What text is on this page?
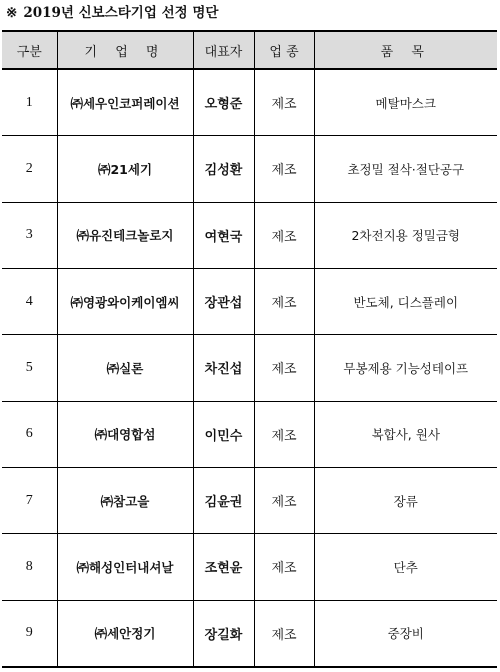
※ 2019년 신보스타기업 선정 명단
구분	기 업 명	대표자	업 종	품 목
1	㈜세우인코퍼레이션	오형준	제조	메탈마스크
2	㈜21세기	김성환	제조	초정밀 절삭·절단공구
3	㈜유진테크놀로지	여현국	제조	2차전지용 정밀금형
4	㈜영광와이케이엠씨	장관섭	제조	반도체, 디스플레이
5	㈜실론	차진섭	제조	무봉제용 기능성테이프
6	㈜대영합섬	이민수	제조	복합사, 원사
7	㈜참고을	김윤권	제조	장류
8	㈜해성인터내셔날	조현윤	제조	단추
9	㈜세안정기	장길화	제조	중장비
